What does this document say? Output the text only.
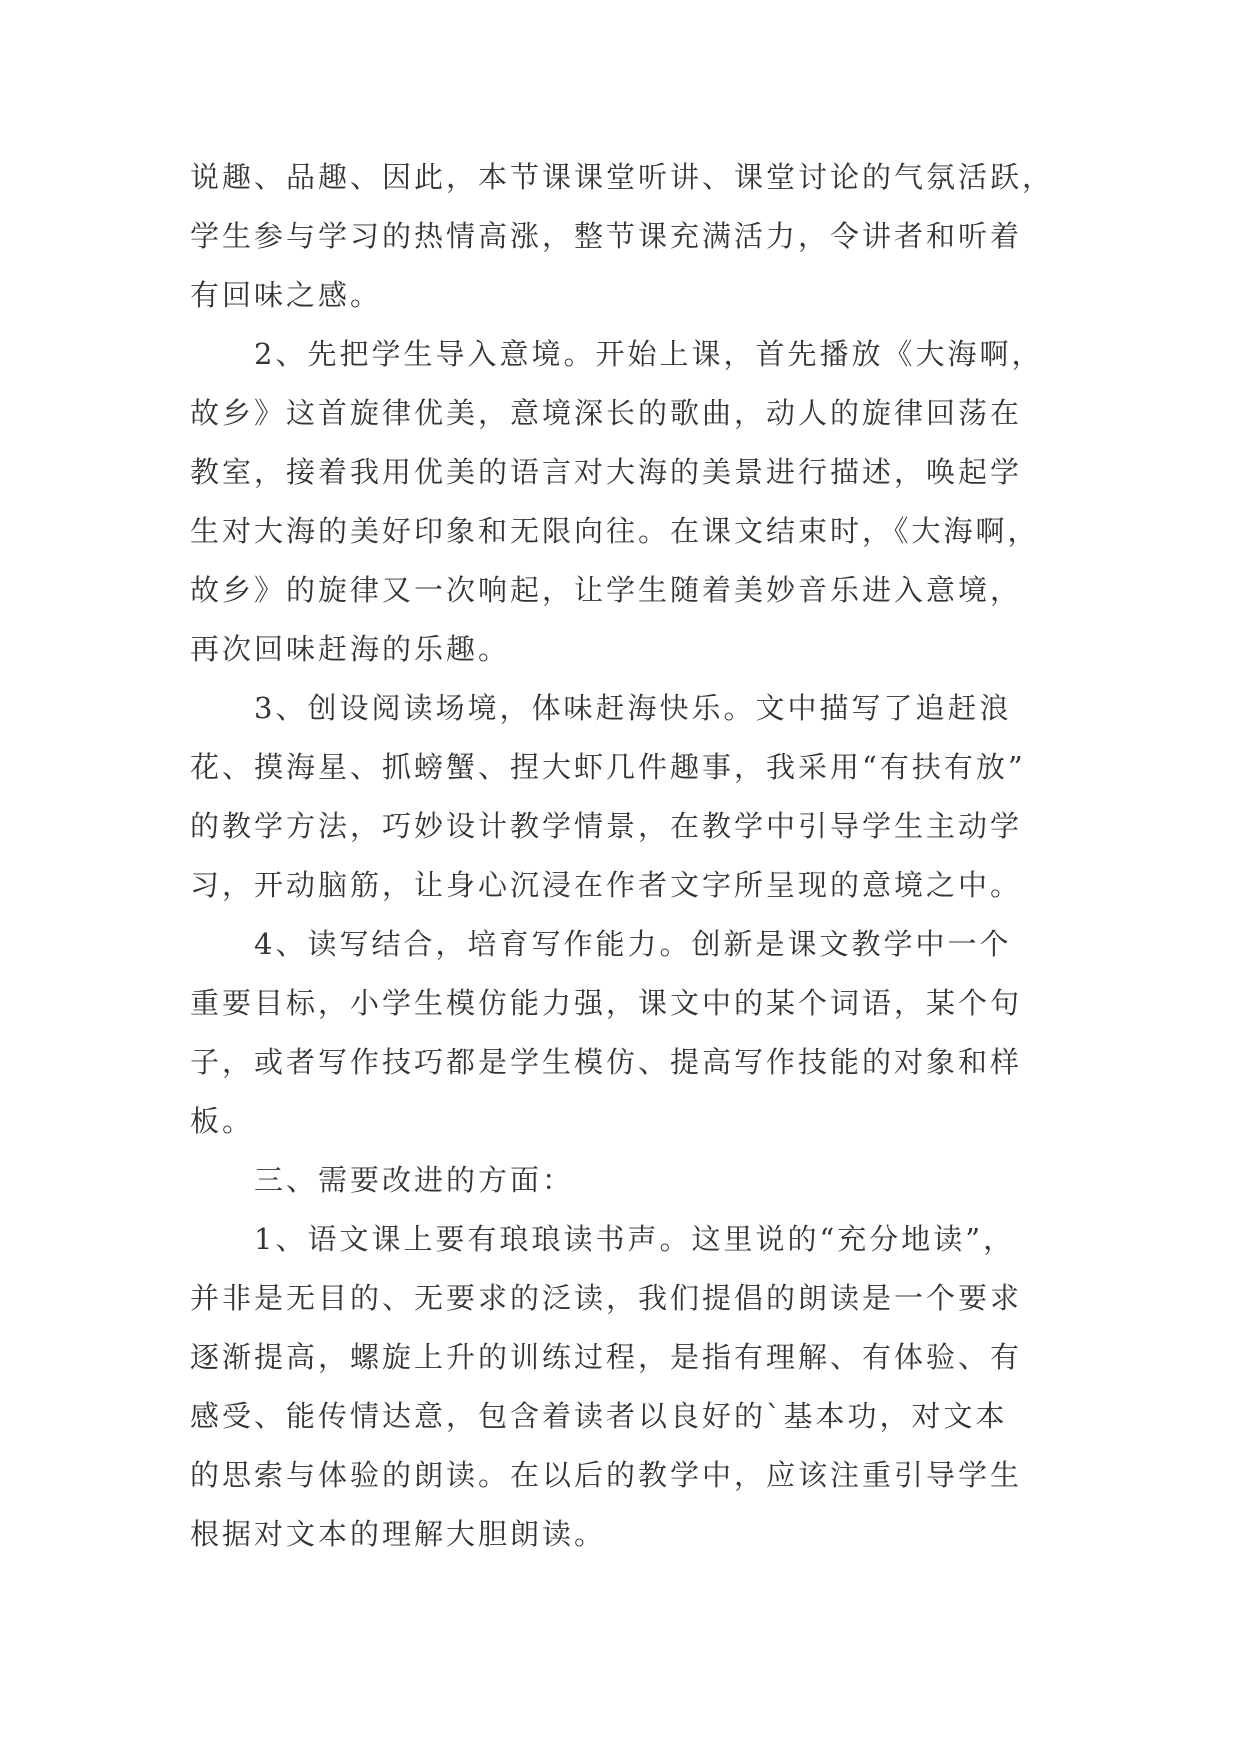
说趣、品趣、因此，本节课课堂听讲、课堂讨论的气氛活跃，
学生参与学习的热情高涨，整节课充满活力，令讲者和听着
有回味之感。
　　2、先把学生导入意境。开始上课，首先播放《大海啊，
故乡》这首旋律优美，意境深长的歌曲，动人的旋律回荡在
教室，接着我用优美的语言对大海的美景进行描述，唤起学
生对大海的美好印象和无限向往。在课文结束时，《大海啊，
故乡》的旋律又一次响起，让学生随着美妙音乐进入意境，
再次回味赶海的乐趣。
　　3、创设阅读场境，体味赶海快乐。文中描写了追赶浪
花、摸海星、抓螃蟹、捏大虾几件趣事，我采用“有扶有放”
的教学方法，巧妙设计教学情景，在教学中引导学生主动学
习，开动脑筋，让身心沉浸在作者文字所呈现的意境之中。
　　4、读写结合，培育写作能力。创新是课文教学中一个
重要目标，小学生模仿能力强，课文中的某个词语，某个句
子，或者写作技巧都是学生模仿、提高写作技能的对象和样
板。
　　三、需要改进的方面：
　　1、语文课上要有琅琅读书声。这里说的“充分地读”，
并非是无目的、无要求的泛读，我们提倡的朗读是一个要求
逐渐提高，螺旋上升的训练过程，是指有理解、有体验、有
感受、能传情达意，包含着读者以良好的`基本功，对文本
的思索与体验的朗读。在以后的教学中，应该注重引导学生
根据对文本的理解大胆朗读。
